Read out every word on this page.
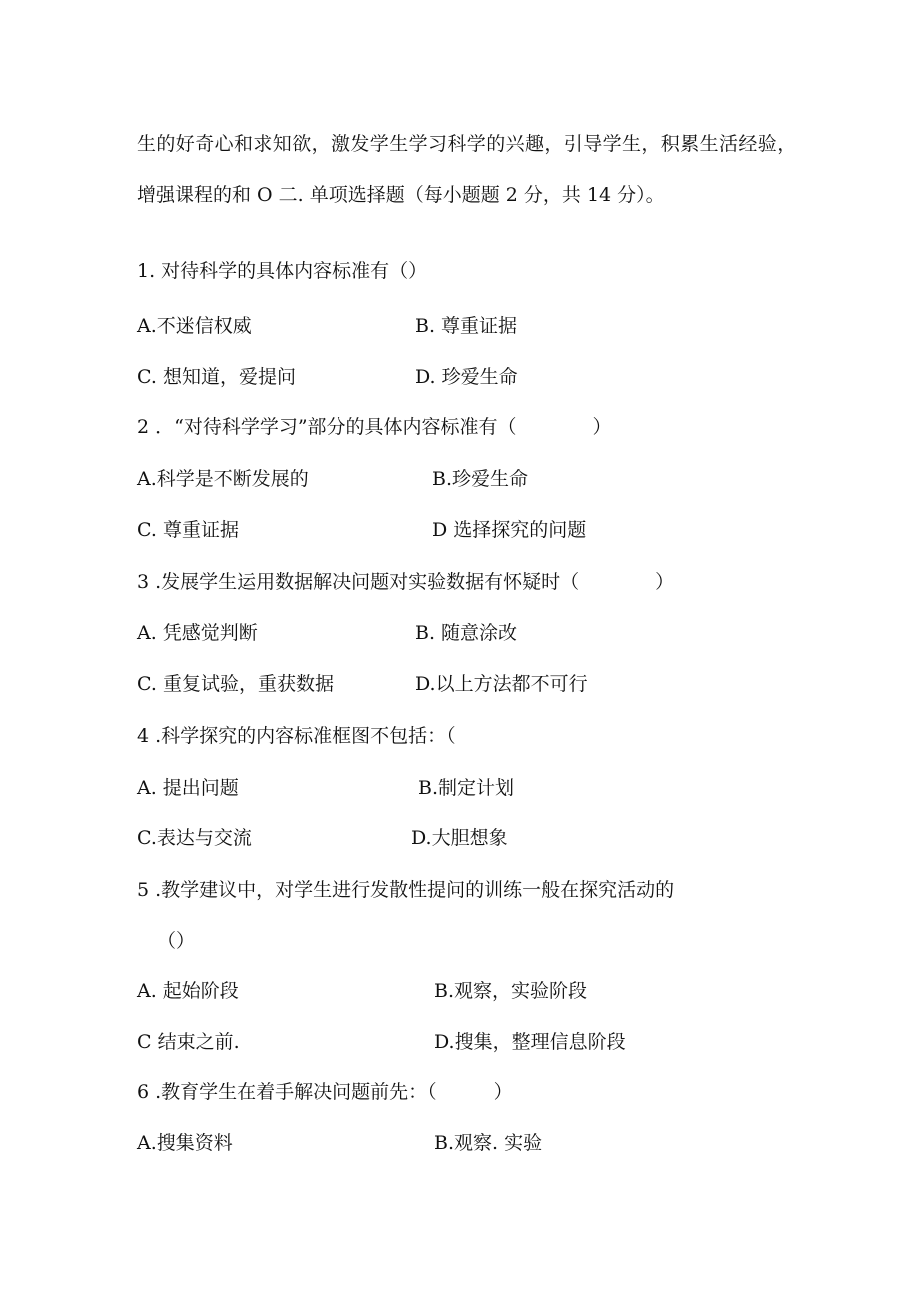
生的好奇心和求知欲，激发学生学习科学的兴趣，引导学生，积累生活经验，
增强课程的和 O 二. 单项选择题（每小题题 2 分，共 14 分）。
1. 对待科学的具体内容标准有（）
A.不迷信权威	B. 尊重证据
C. 想知道，爱提问	D. 珍爱生命
2 ．“对待科学学习”部分的具体内容标准有（　　　　）
A.科学是不断发展的	B.珍爱生命
C. 尊重证据	D 选择探究的问题
3 .发展学生运用数据解决问题对实验数据有怀疑时（　　　　）
A. 凭感觉判断	B. 随意涂改
C. 重复试验，重获数据	D.以上方法都不可行
4 .科学探究的内容标准框图不包括：（
A. 提出问题	B.制定计划
C.表达与交流	D.大胆想象
5 .教学建议中，对学生进行发散性提问的训练一般在探究活动的
（）
A. 起始阶段	B.观察，实验阶段
C 结束之前.	D.搜集，整理信息阶段
6 .教育学生在着手解决问题前先：（　　　）
A.搜集资料	B.观察. 实验
